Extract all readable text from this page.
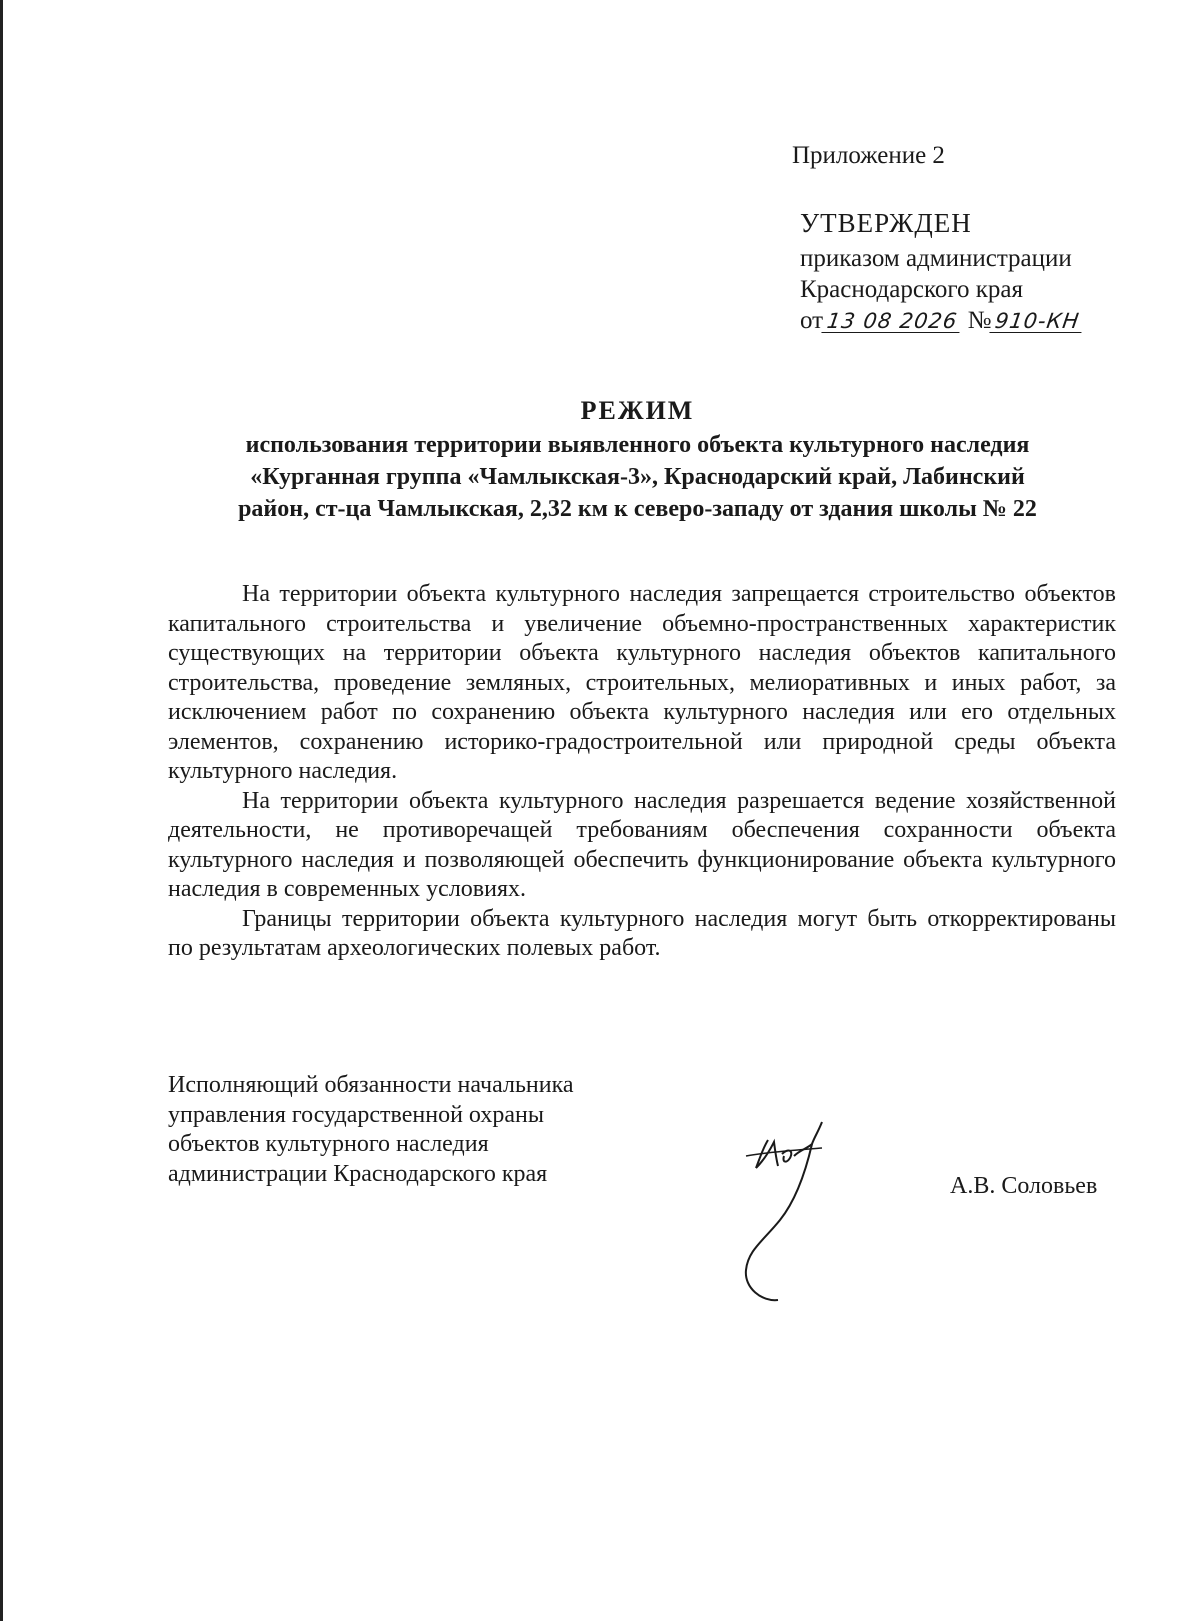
Приложение 2
УТВЕРЖДЕН
приказом администрации
Краснодарского края
от 13 08 2026 № 910-КН
РЕЖИМ
использования территории выявленного объекта культурного наследия
«Курганная группа «Чамлыкская-3», Краснодарский край, Лабинский
район, ст-ца Чамлыкская, 2,32 км к северо-западу от здания школы № 22

На территории объекта культурного наследия запрещается строительство объектов капитального строительства и увеличение объемно-пространственных характеристик существующих на территории объекта культурного наследия объектов капитального строительства, проведение земляных, строительных, мелиоративных и иных работ, за исключением работ по сохранению объекта культурного наследия или его отдельных элементов, сохранению историко-градостроительной или природной среды объекта культурного наследия.

На территории объекта культурного наследия разрешается ведение хозяйственной деятельности, не противоречащей требованиям обеспечения сохранности объекта культурного наследия и позволяющей обеспечить функционирование объекта культурного наследия в современных условиях.

Границы территории объекта культурного наследия могут быть откорректированы по результатам археологических полевых работ.

Исполняющий обязанности начальника
управления государственной охраны
объектов культурного наследия
администрации Краснодарского края	А.В. Соловьев
